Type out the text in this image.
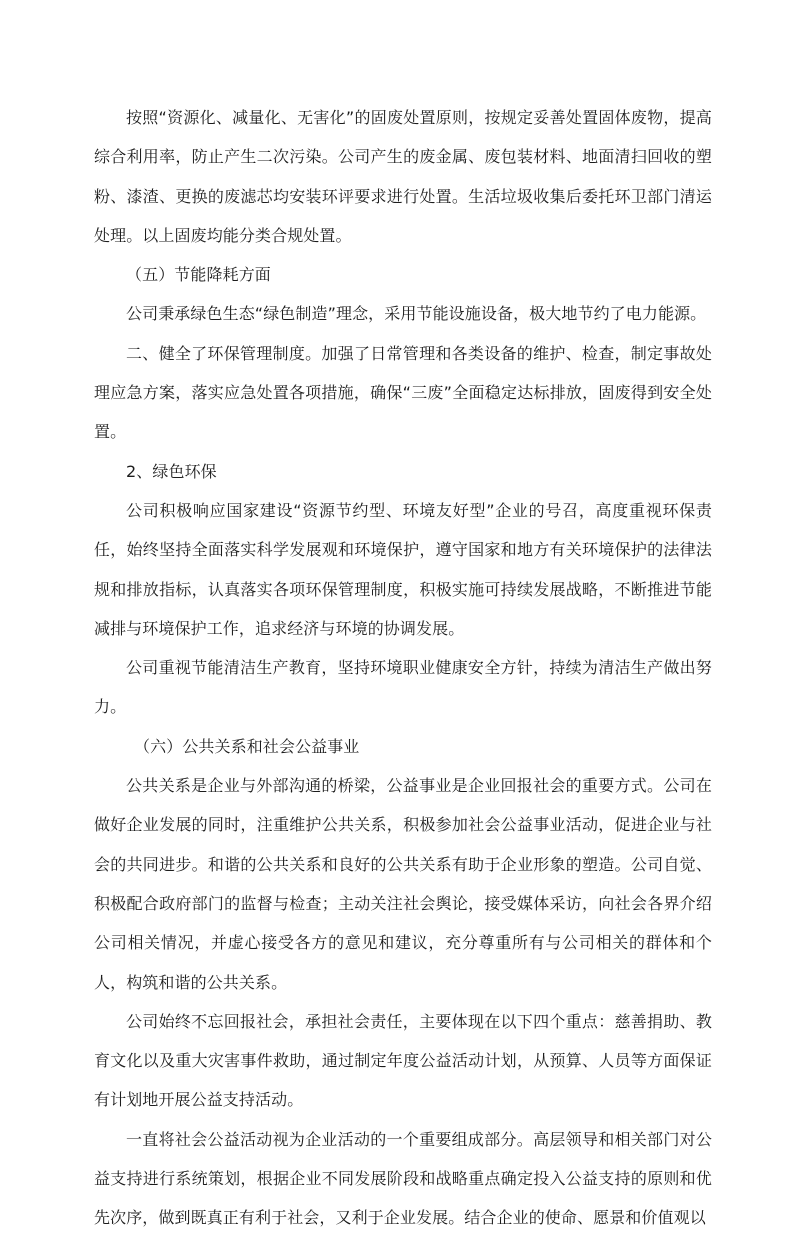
按照“资源化、减量化、无害化”的固废处置原则，按规定妥善处置固体废物，提高综合利用率，防止产生二次污染。公司产生的废金属、废包装材料、地面清扫回收的塑粉、漆渣、更换的废滤芯均安装环评要求进行处置。生活垃圾收集后委托环卫部门清运处理。以上固废均能分类合规处置。

（五）节能降耗方面

公司秉承绿色生态“绿色制造”理念，采用节能设施设备，极大地节约了电力能源。

二、健全了环保管理制度。加强了日常管理和各类设备的维护、检查，制定事故处理应急方案，落实应急处置各项措施，确保“三废”全面稳定达标排放，固废得到安全处置。

2、绿色环保

公司积极响应国家建设“资源节约型、环境友好型”企业的号召，高度重视环保责任，始终坚持全面落实科学发展观和环境保护，遵守国家和地方有关环境保护的法律法规和排放指标，认真落实各项环保管理制度，积极实施可持续发展战略，不断推进节能减排与环境保护工作，追求经济与环境的协调发展。

公司重视节能清洁生产教育，坚持环境职业健康安全方针，持续为清洁生产做出努力。

（六）公共关系和社会公益事业

公共关系是企业与外部沟通的桥梁，公益事业是企业回报社会的重要方式。公司在做好企业发展的同时，注重维护公共关系，积极参加社会公益事业活动，促进企业与社会的共同进步。和谐的公共关系和良好的公共关系有助于企业形象的塑造。公司自觉、积极配合政府部门的监督与检查；主动关注社会舆论，接受媒体采访，向社会各界介绍公司相关情况，并虚心接受各方的意见和建议，充分尊重所有与公司相关的群体和个人，构筑和谐的公共关系。

公司始终不忘回报社会，承担社会责任，主要体现在以下四个重点：慈善捐助、教育文化以及重大灾害事件救助，通过制定年度公益活动计划，从预算、人员等方面保证有计划地开展公益支持活动。

一直将社会公益活动视为企业活动的一个重要组成部分。高层领导和相关部门对公益支持进行系统策划，根据企业不同发展阶段和战略重点确定投入公益支持的原则和优先次序，做到既真正有利于社会，又利于企业发展。结合企业的使命、愿景和价值观以
